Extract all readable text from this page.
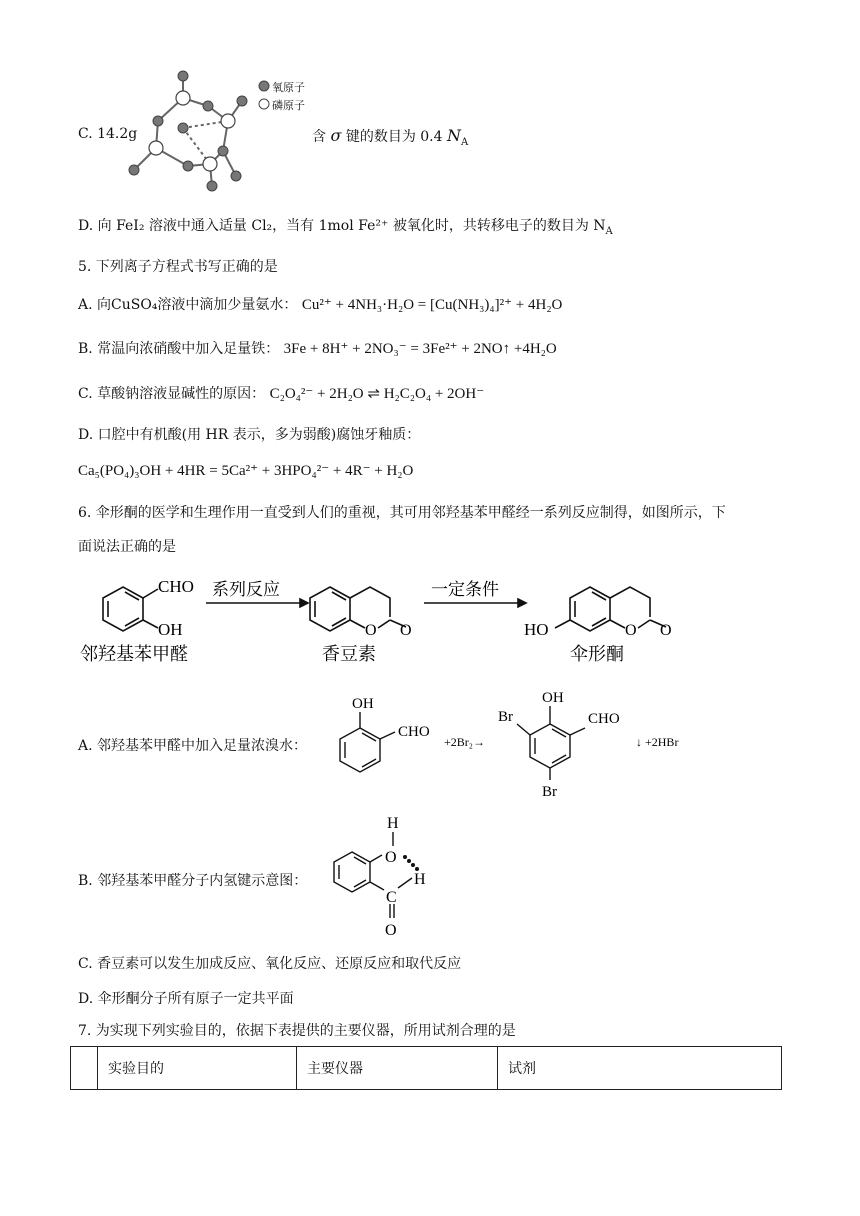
C. 14.2g
氧原子
磷原子
含 σ 键的数目为 0.4 $N_A$
D. 向 FeI₂ 溶液中通入适量 Cl₂，当有 1mol Fe²⁺ 被氧化时，共转移电子的数目为 $N_A$
5. 下列离子方程式书写正确的是
A. 向CuSO₄溶液中滴加少量氨水： Cu²⁺ + 4NH₃·H₂O = [Cu(NH₃)₄]²⁺ + 4H₂O
B. 常温向浓硝酸中加入足量铁： 3Fe + 8H⁺ + 2NO₃⁻ = 3Fe²⁺ + 2NO↑ +4H₂O
C. 草酸钠溶液显碱性的原因： C₂O₄²⁻ + 2H₂O ⇌ H₂C₂O₄ + 2OH⁻
D. 口腔中有机酸(用 HR 表示，多为弱酸)腐蚀牙釉质：
Ca₅(PO₄)₃OH + 4HR = 5Ca²⁺ + 3HPO₄²⁻ + 4R⁻ + H₂O
6. 伞形酮的医学和生理作用一直受到人们的重视，其可用邻羟基苯甲醛经一系列反应制得，如图所示，下
面说法正确的是
CHO
OH
系列反应	一定条件
O O	O O
HO
邻羟基苯甲醛	香豆素	伞形酮
A. 邻羟基苯甲醛中加入足量浓溴水：
OH
CHO
+2Br₂→
OH
CHO
Br
Br
↓ +2HBr
B. 邻羟基苯甲醛分子内氢键示意图：
H
O
H
C
O
C. 香豆素可以发生加成反应、氧化反应、还原反应和取代反应
D. 伞形酮分子所有原子一定共平面
7. 为实现下列实验目的，依据下表提供的主要仪器，所用试剂合理的是
	实验目的	主要仪器	试剂
